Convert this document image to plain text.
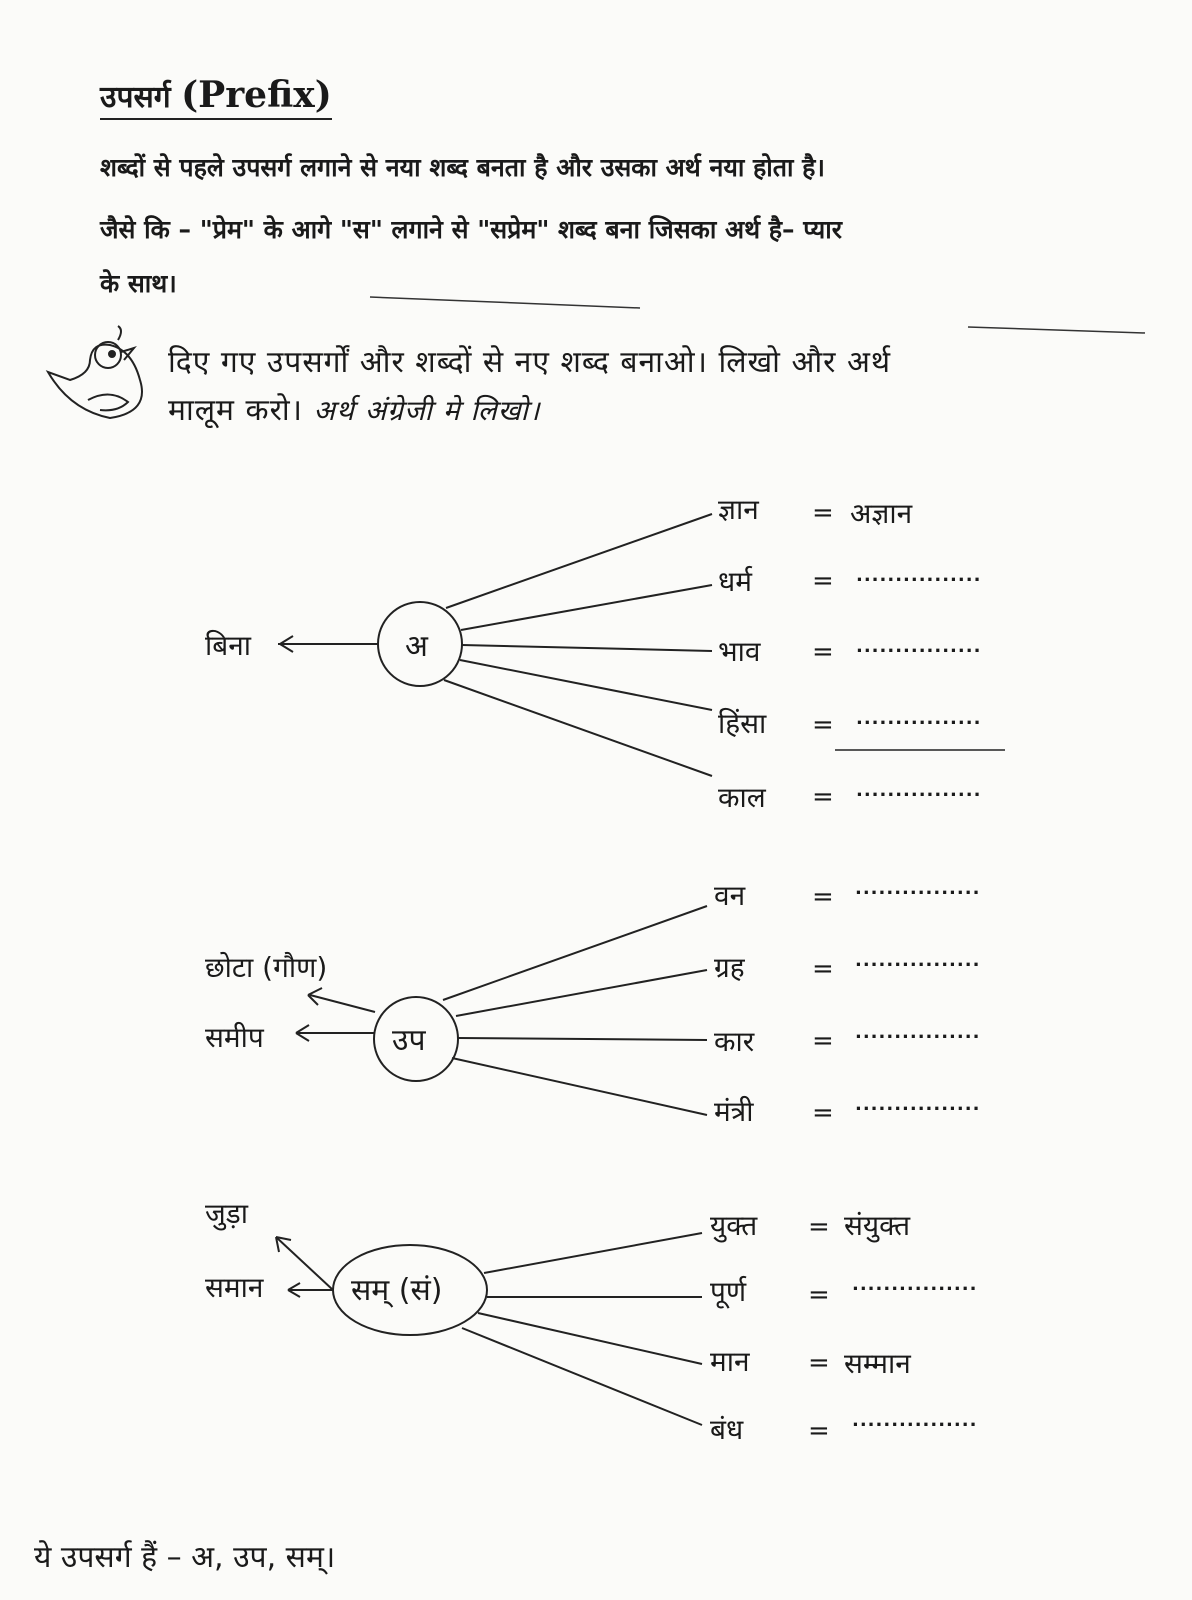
उपसर्ग (Prefix)
शब्दों से पहले उपसर्ग लगाने से नया शब्द बनता है और उसका अर्थ नया होता है।
जैसे कि – "प्रेम" के आगे "स" लगाने से "सप्रेम" शब्द बना जिसका अर्थ है– प्यार
के साथ।
दिए गए उपसर्गों और शब्दों से नए शब्द बनाओ। लिखो और अर्थ
मालूम करो। अर्थ अंग्रेजी मे लिखो।
बिना	अ
ज्ञान = अज्ञान
धर्म = ................
भाव = ................
हिंसा = ................
काल = ................
छोटा (गौण)
समीप	उप
वन	= ................
ग्रह	= ................
कार = ................
मंत्री = ................
जुड़ा
समान	सम् (सं)
युक्त = संयुक्त
पूर्ण = ................
मान = सम्मान
बंध = ................
ये उपसर्ग हैं – अ, उप, सम्।
